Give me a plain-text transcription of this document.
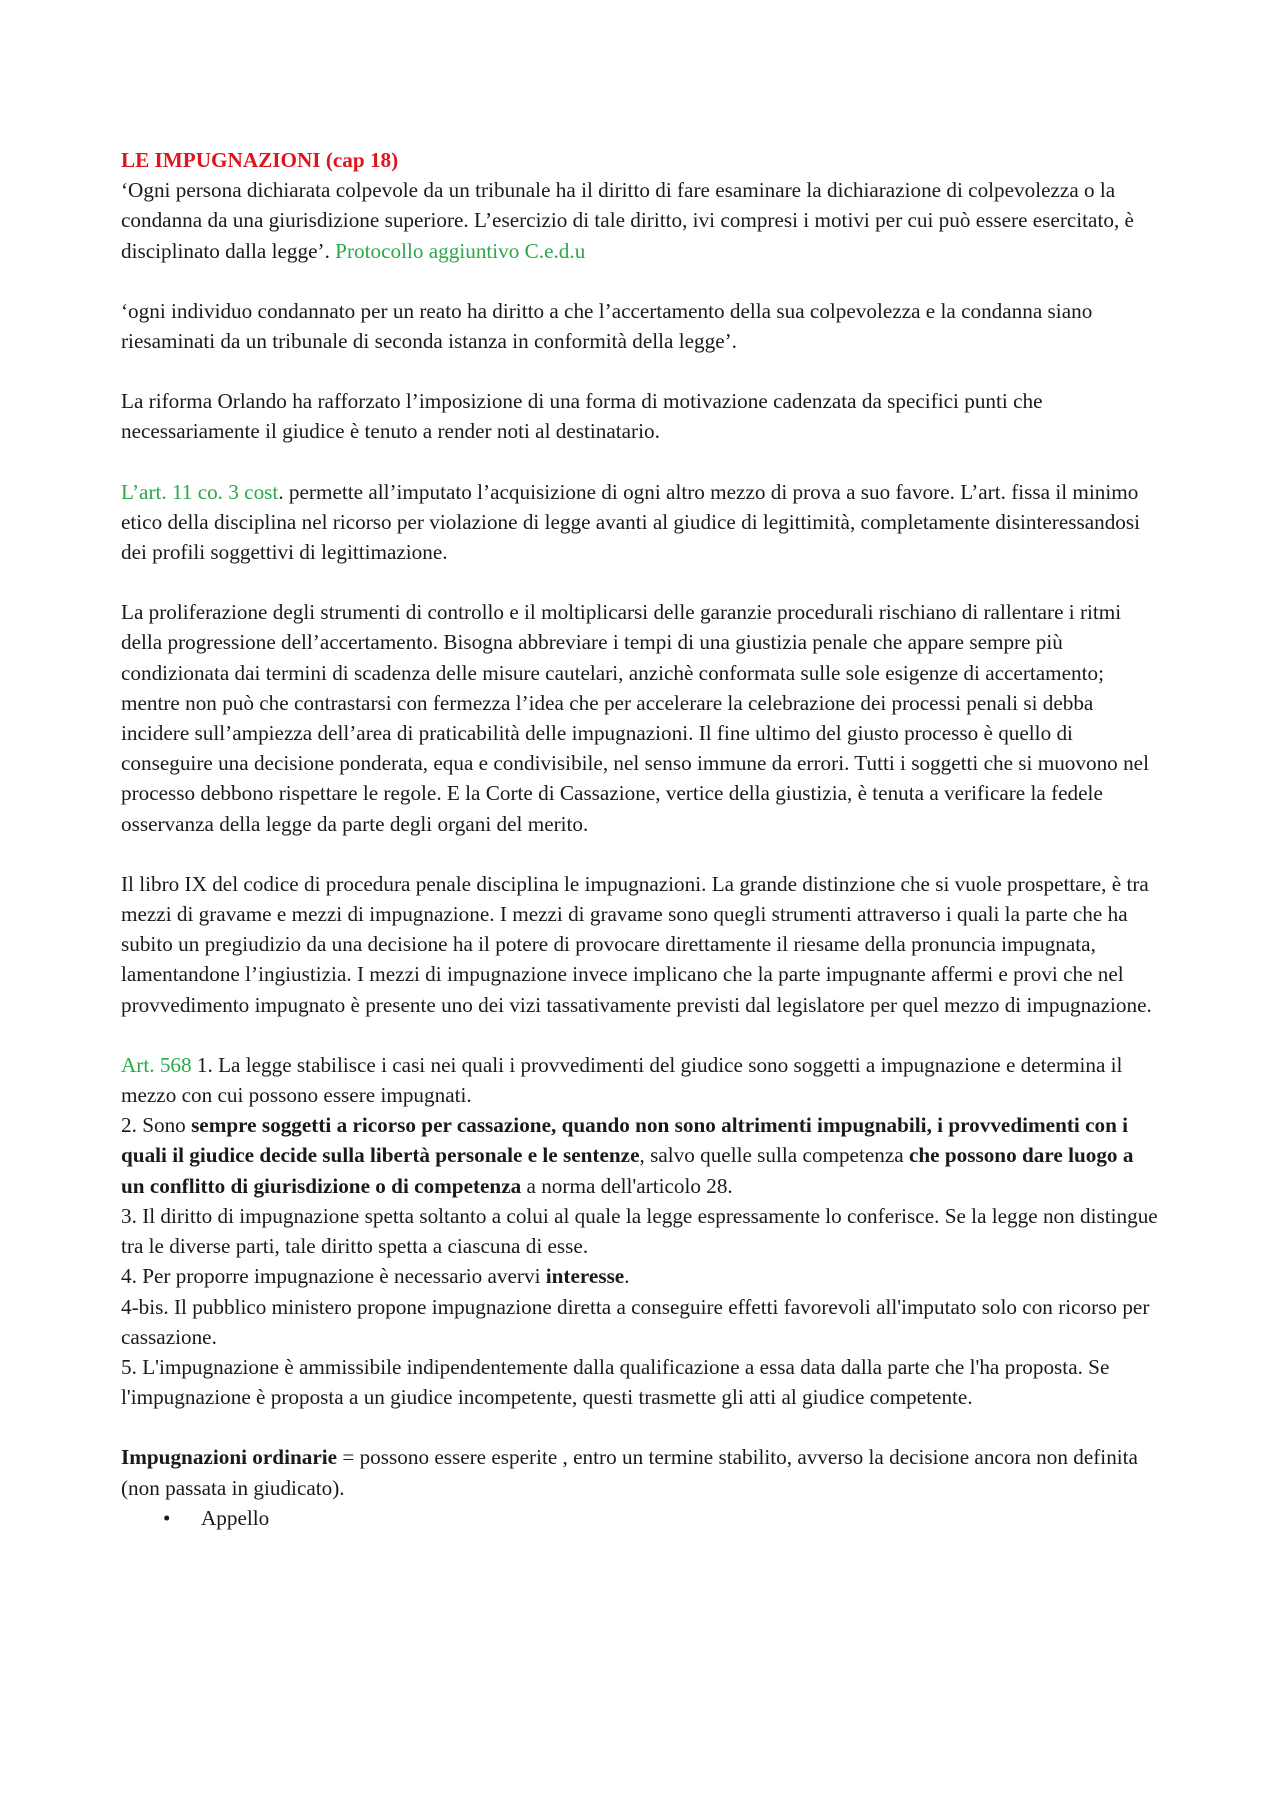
LE IMPUGNAZIONI (cap 18)

‘Ogni persona dichiarata colpevole da un tribunale ha il diritto di fare esaminare la dichiarazione di colpevolezza o la condanna da una giurisdizione superiore. L’esercizio di tale diritto, ivi compresi i motivi per cui può essere esercitato, è disciplinato dalla legge’. Protocollo aggiuntivo C.e.d.u

‘ogni individuo condannato per un reato ha diritto a che l’accertamento della sua colpevolezza e la condanna siano riesaminati da un tribunale di seconda istanza in conformità della legge’.

La riforma Orlando ha rafforzato l’imposizione di una forma di motivazione cadenzata da specifici punti che necessariamente il giudice è tenuto a render noti al destinatario.

L’art. 11 co. 3 cost. permette all’imputato l’acquisizione di ogni altro mezzo di prova a suo favore. L’art. fissa il minimo etico della disciplina nel ricorso per violazione di legge avanti al giudice di legittimità, completamente disinteressandosi dei profili soggettivi di legittimazione.

La proliferazione degli strumenti di controllo e il moltiplicarsi delle garanzie procedurali rischiano di rallentare i ritmi della progressione dell’accertamento. Bisogna abbreviare i tempi di una giustizia penale che appare sempre più condizionata dai termini di scadenza delle misure cautelari, anzichè conformata sulle sole esigenze di accertamento; mentre non può che contrastarsi con fermezza l’idea che per accelerare la celebrazione dei processi penali si debba incidere sull’ampiezza dell’area di praticabilità delle impugnazioni. Il fine ultimo del giusto processo è quello di conseguire una decisione ponderata, equa e condivisibile, nel senso immune da errori. Tutti i soggetti che si muovono nel processo debbono rispettare le regole. E la Corte di Cassazione, vertice della giustizia, è tenuta a verificare la fedele osservanza della legge da parte degli organi del merito.

Il libro IX del codice di procedura penale disciplina le impugnazioni. La grande distinzione che si vuole prospettare, è tra mezzi di gravame e mezzi di impugnazione. I mezzi di gravame sono quegli strumenti attraverso i quali la parte che ha subito un pregiudizio da una decisione ha il potere di provocare direttamente il riesame della pronuncia impugnata, lamentandone l’ingiustizia. I mezzi di impugnazione invece implicano che la parte impugnante affermi e provi che nel provvedimento impugnato è presente uno dei vizi tassativamente previsti dal legislatore per quel mezzo di impugnazione.

Art. 568 1. La legge stabilisce i casi nei quali i provvedimenti del giudice sono soggetti a impugnazione e determina il mezzo con cui possono essere impugnati.

2. Sono sempre soggetti a ricorso per cassazione, quando non sono altrimenti impugnabili, i provvedimenti con i quali il giudice decide sulla libertà personale e le sentenze, salvo quelle sulla competenza che possono dare luogo a un conflitto di giurisdizione o di competenza a norma dell'articolo 28.

3. Il diritto di impugnazione spetta soltanto a colui al quale la legge espressamente lo conferisce. Se la legge non distingue tra le diverse parti, tale diritto spetta a ciascuna di esse.

4. Per proporre impugnazione è necessario avervi interesse.

4-bis. Il pubblico ministero propone impugnazione diretta a conseguire effetti favorevoli all'imputato solo con ricorso per cassazione.

5. L'impugnazione è ammissibile indipendentemente dalla qualificazione a essa data dalla parte che l'ha proposta. Se l'impugnazione è proposta a un giudice incompetente, questi trasmette gli atti al giudice competente.

Impugnazioni ordinarie = possono essere esperite , entro un termine stabilito, avverso la decisione ancora non definita (non passata in giudicato).

• Appello
